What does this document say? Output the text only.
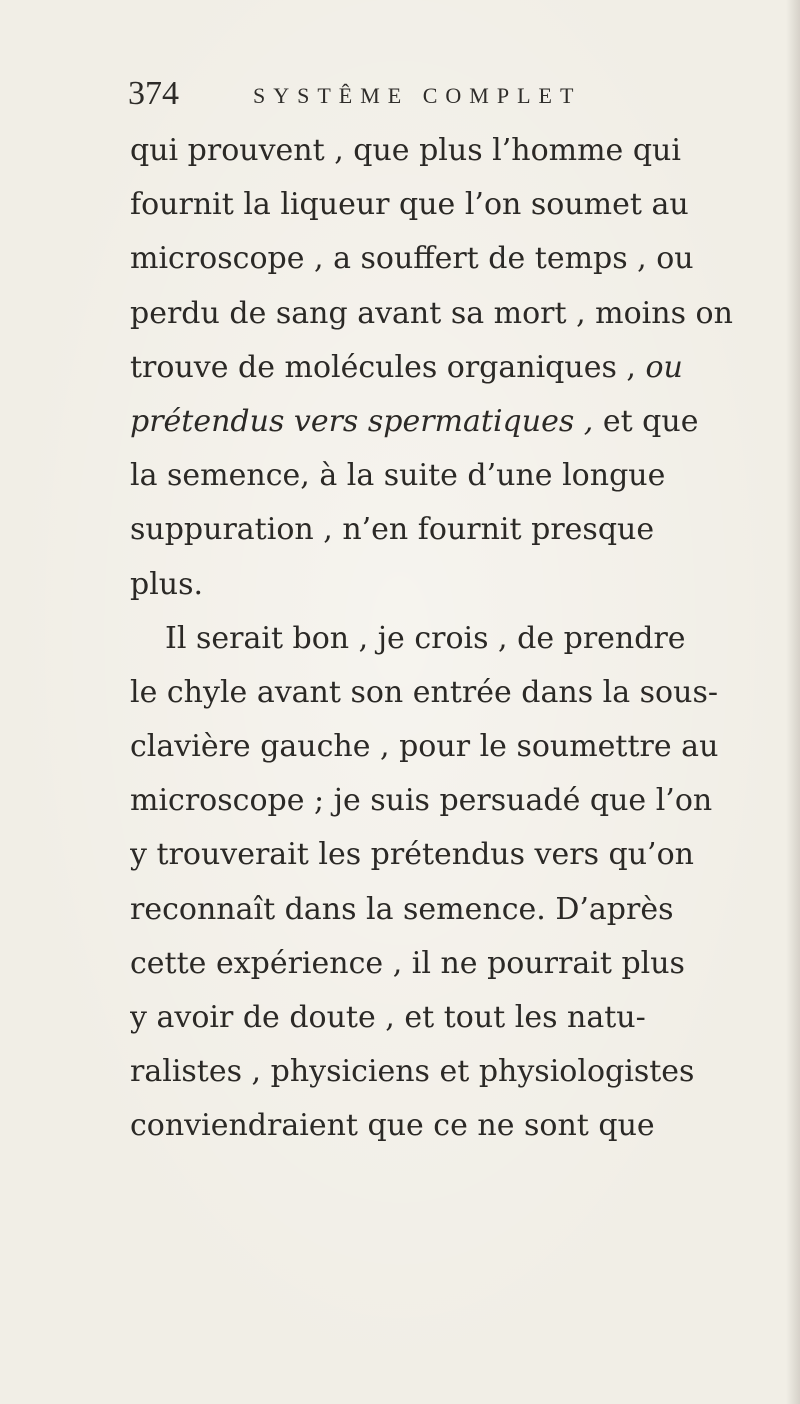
374	SYSTÊME COMPLET
qui prouvent , que plus l’homme qui
fournit la liqueur que l’on soumet au
microscope , a souffert de temps , ou
perdu de sang avant sa mort , moins on
trouve de molécules organiques , ou
prétendus vers spermatiques , et que
la semence, à la suite d’une longue
suppuration , n’en fournit presque
plus.
Il serait bon , je crois , de prendre
le chyle avant son entrée dans la sous-
clavière gauche , pour le soumettre au
microscope ; je suis persuadé que l’on
y trouverait les prétendus vers qu’on
reconnaît dans la semence. D’après
cette expérience , il ne pourrait plus
y avoir de doute , et tout les natu-
ralistes , physiciens et physiologistes
conviendraient que ce ne sont que
